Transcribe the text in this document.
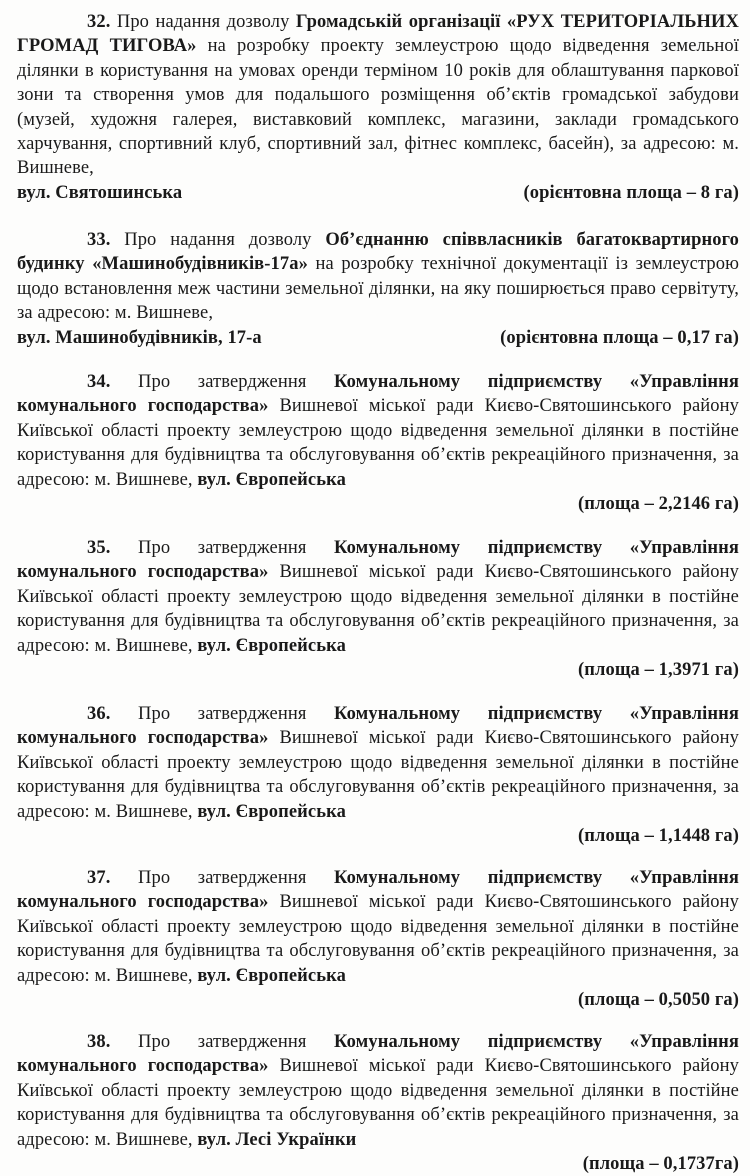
32. Про надання дозволу Громадській організації «РУХ ТЕРИТОРІАЛЬНИХ ГРОМАД ТИГОВА» на розробку проекту землеустрою щодо відведення земельної ділянки в користування на умовах оренди терміном 10 років для облаштування паркової зони та створення умов для подальшого розміщення об’єктів громадської забудови (музей, художня галерея, виставковий комплекс, магазини, заклади громадського харчування, спортивний клуб, спортивний зал, фітнес комплекс, басейн), за адресою: м. Вишневе,
вул. Святошинська	(орієнтовна площа – 8 га)
33. Про надання дозволу Об’єднанню співвласників багатоквартирного будинку «Машинобудівників-17а» на розробку технічної документації із землеустрою щодо встановлення меж частини земельної ділянки, на яку поширюється право сервітуту, за адресою: м. Вишневе,
вул. Машинобудівників, 17-а	(орієнтовна площа – 0,17 га)
34. Про затвердження Комунальному підприємству «Управління комунального господарства» Вишневої міської ради Києво-Святошинського району Київської області проекту землеустрою щодо відведення земельної ділянки в постійне користування для будівництва та обслуговування об’єктів рекреаційного призначення, за адресою: м. Вишневе, вул. Європейська
(площа – 2,2146 га)
35. Про затвердження Комунальному підприємству «Управління комунального господарства» Вишневої міської ради Києво-Святошинського району Київської області проекту землеустрою щодо відведення земельної ділянки в постійне користування для будівництва та обслуговування об’єктів рекреаційного призначення, за адресою: м. Вишневе, вул. Європейська
(площа – 1,3971 га)
36. Про затвердження Комунальному підприємству «Управління комунального господарства» Вишневої міської ради Києво-Святошинського району Київської області проекту землеустрою щодо відведення земельної ділянки в постійне користування для будівництва та обслуговування об’єктів рекреаційного призначення, за адресою: м. Вишневе, вул. Європейська
(площа – 1,1448 га)
37. Про затвердження Комунальному підприємству «Управління комунального господарства» Вишневої міської ради Києво-Святошинського району Київської області проекту землеустрою щодо відведення земельної ділянки в постійне користування для будівництва та обслуговування об’єктів рекреаційного призначення, за адресою: м. Вишневе, вул. Європейська
(площа – 0,5050 га)
38. Про затвердження Комунальному підприємству «Управління комунального господарства» Вишневої міської ради Києво-Святошинського району Київської області проекту землеустрою щодо відведення земельної ділянки в постійне користування для будівництва та обслуговування об’єктів рекреаційного призначення, за адресою: м. Вишневе, вул. Лесі Українки
(площа – 0,1737га)
